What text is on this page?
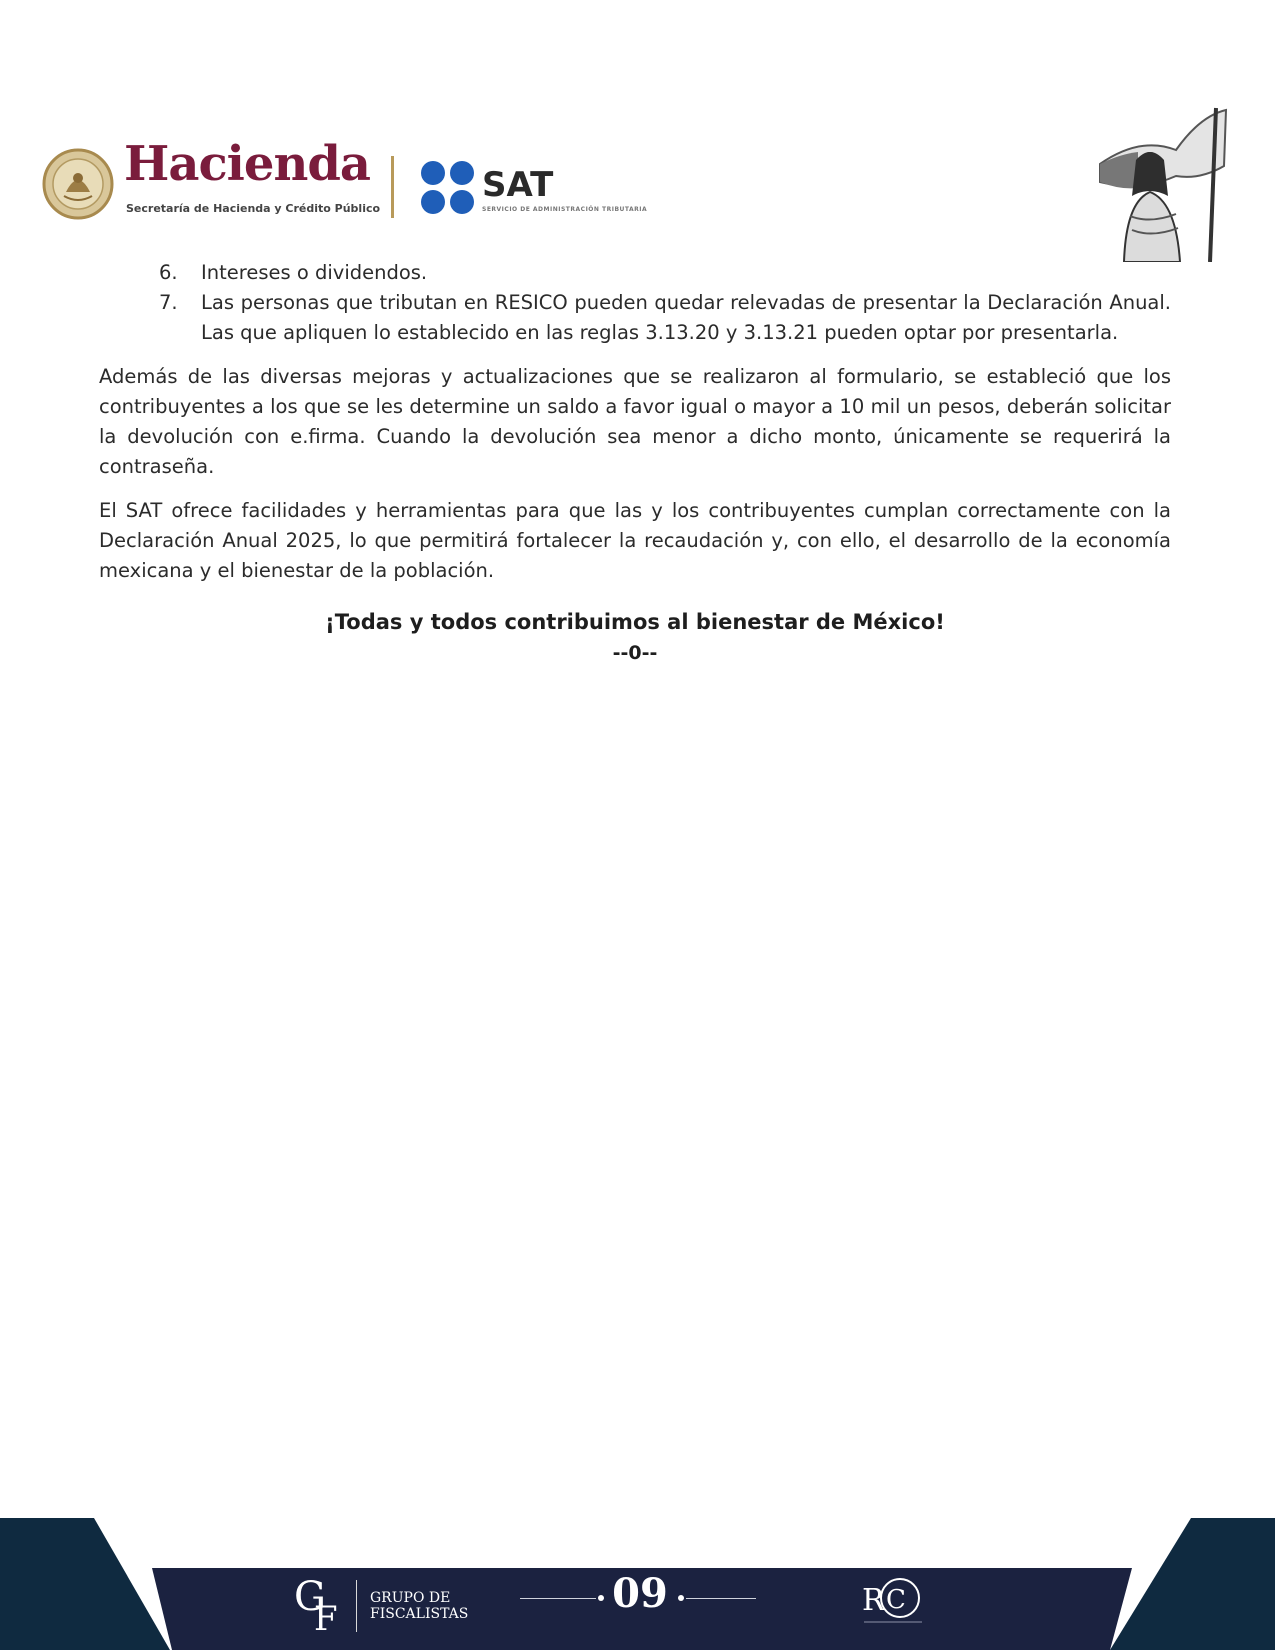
Hacienda
Secretaría de Hacienda y Crédito Público
SAT
SERVICIO DE ADMINISTRACIÓN TRIBUTARIA
6. Intereses o dividendos.
7. Las personas que tributan en RESICO pueden quedar relevadas de presentar la Declaración Anual. Las que apliquen lo establecido en las reglas 3.13.20 y 3.13.21 pueden optar por presentarla.

Además de las diversas mejoras y actualizaciones que se realizaron al formulario, se estableció que los contribuyentes a los que se les determine un saldo a favor igual o mayor a 10 mil un pesos, deberán solicitar la devolución con e.firma. Cuando la devolución sea menor a dicho monto, únicamente se requerirá la contraseña.

El SAT ofrece facilidades y herramientas para que las y los contribuyentes cumplan correctamente con la Declaración Anual 2025, lo que permitirá fortalecer la recaudación y, con ello, el desarrollo de la economía mexicana y el bienestar de la población.

¡Todas y todos contribuimos al bienestar de México!

--0--

G
F
GRUPO DE
FISCALISTAS	09	R C
